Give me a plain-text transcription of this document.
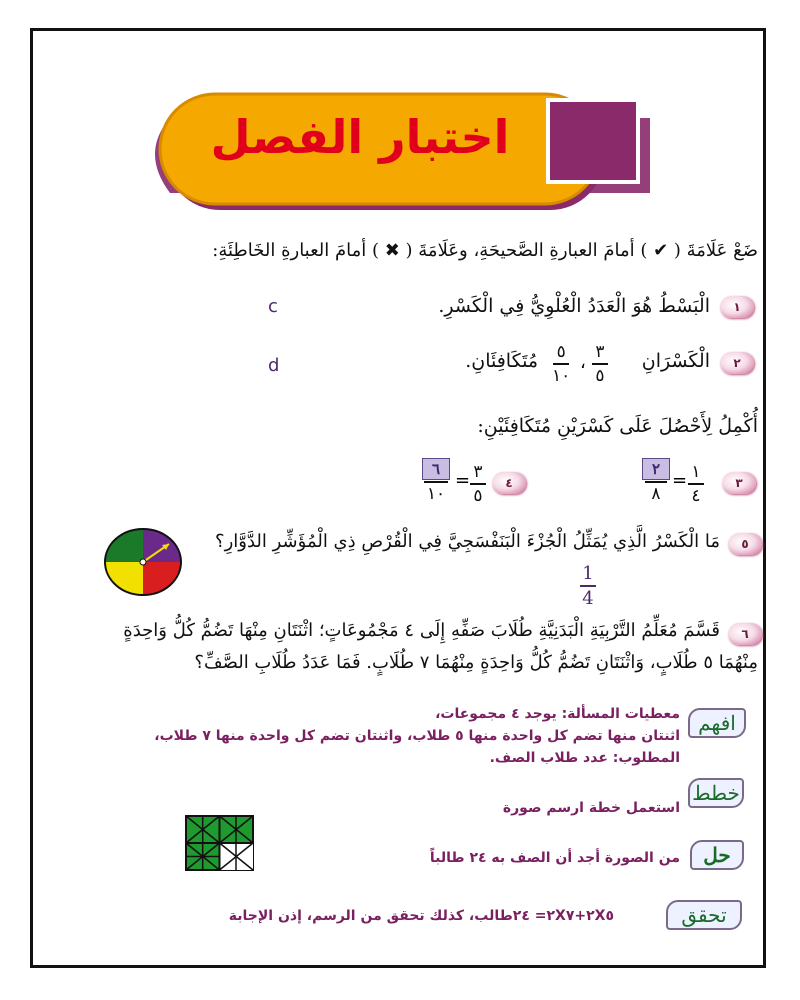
اختبار الفصل
ضَعْ عَلَامَةَ ( ✔ ) أمامَ العبارةِ الصَّحيحَةِ، وعَلَامَةَ ( ✖ ) أمامَ العبارةِ الخَاطِئَةِ:
١
الْبَسْطُ هُوَ الْعَدَدُ الْعُلْوِيُّ فِي الْكَسْرِ.
c
٢
الْكَسْرَانِ
٣
٥
،
٥
١٠
مُتَكَافِئَانِ.
d
أُكْمِلُ لِأَحْصُلَ عَلَى كَسْرَيْنِ مُتَكَافِئَيْنِ:
٣
١
٤
=
٢
٨
٤
٣
٥
=
٦
١٠
٥
مَا الْكَسْرُ الَّذِي يُمَثِّلُ الْجُزْءَ الْبَنَفْسَجِيَّ فِي الْقُرْصِ ذِي الْمُؤَشِّرِ الدَّوَّارِ؟
1
4
٦
قَسَّمَ مُعَلِّمُ التَّرْبِيَةِ الْبَدَنِيَّةِ طُلَابَ صَفِّهِ إِلَى ٤ مَجْمُوعَاتٍ؛ اثْنَتَانِ مِنْهَا تَضُمُّ كُلُّ وَاحِدَةٍ
مِنْهُمَا ٥ طُلَابٍ، وَاثْنَتَانِ تَضُمُّ كُلُّ وَاحِدَةٍ مِنْهُمَا ٧ طُلَابٍ. فَمَا عَدَدُ طُلَابِ الصَّفِّ؟
افهم
معطيات المسألة: يوجد ٤ مجموعات،
اثنتان منها تضم كل واحدة منها ٥ طلاب، واثنتان تضم كل واحدة منها ٧ طلاب،
المطلوب: عدد طلاب الصف.
خطط
استعمل خطة ارسم صورة
حل
من الصورة أجد أن الصف به ٢٤ طالباً
تحقق
٢X٥+٢X٧= ٢٤طالب، كذلك تحقق من الرسم، إذن الإجابة
